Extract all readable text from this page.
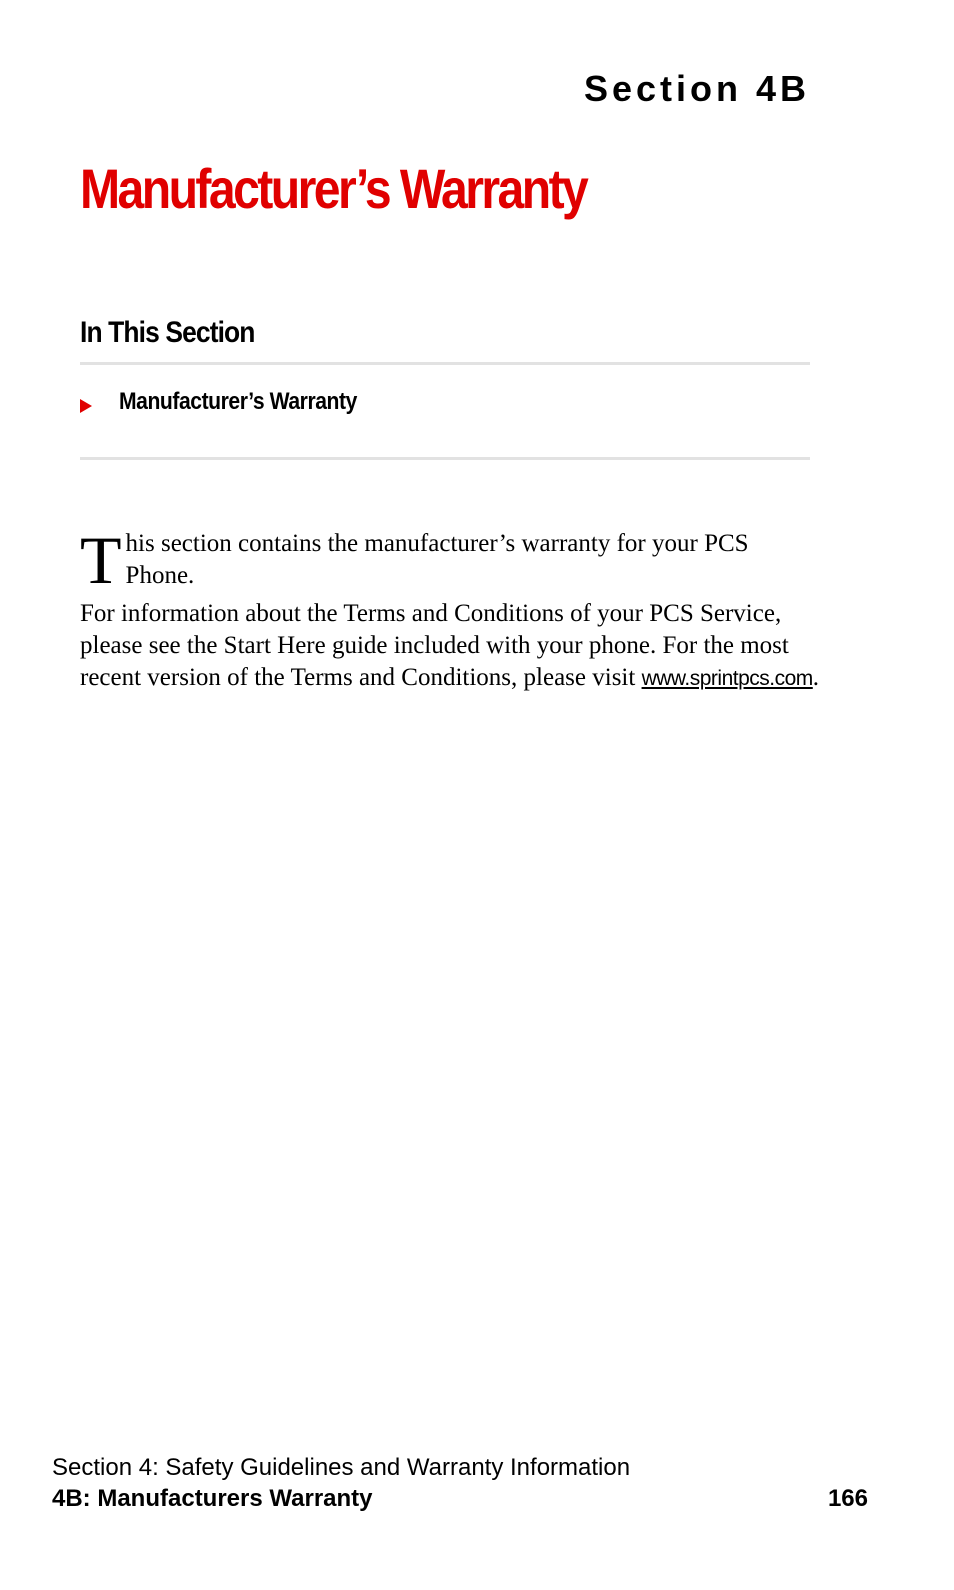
Section 4B
Manufacturer’s Warranty
In This Section
Manufacturer’s Warranty
T his section contains the manufacturer’s warranty for your PCS Phone.

For information about the Terms and Conditions of your PCS Service, please see the Start Here guide included with your phone. For the most recent version of the Terms and Conditions, please visit www.sprintpcs.com.

Section 4: Safety Guidelines and Warranty Information

4B: Manufacturers Warranty	166
